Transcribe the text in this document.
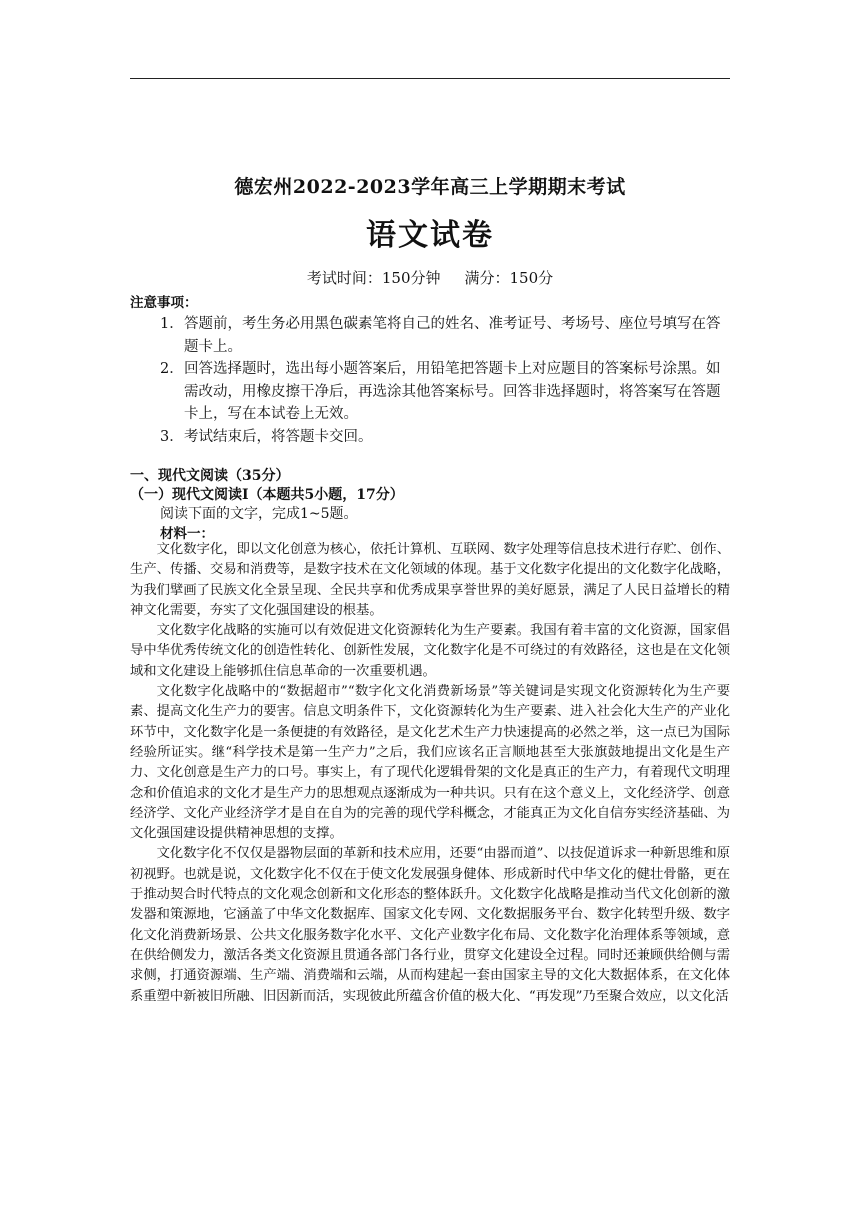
德宏州2022-2023学年高三上学期期末考试
语文试卷
考试时间：150分钟 满分：150分
注意事项：
1． 答题前，考生务必用黑色碳素笔将自己的姓名、准考证号、考场号、座位号填写在答题卡上。
2． 回答选择题时，选出每小题答案后，用铅笔把答题卡上对应题目的答案标号涂黑。如需改动，用橡皮擦干净后，再选涂其他答案标号。回答非选择题时，将答案写在答题卡上，写在本试卷上无效。
3． 考试结束后，将答题卡交回。
一、现代文阅读（35分）
（一）现代文阅读Ⅰ（本题共5小题，17分）
阅读下面的文字，完成1~5题。
材料一：

文化数字化，即以文化创意为核心，依托计算机、互联网、数字处理等信息技术进行存贮、创作、生产、传播、交易和消费等，是数字技术在文化领域的体现。基于文化数字化提出的文化数字化战略，为我们擘画了民族文化全景呈现、全民共享和优秀成果享誉世界的美好愿景，满足了人民日益增长的精神文化需要，夯实了文化强国建设的根基。

文化数字化战略的实施可以有效促进文化资源转化为生产要素。我国有着丰富的文化资源，国家倡导中华优秀传统文化的创造性转化、创新性发展，文化数字化是不可绕过的有效路径，这也是在文化领域和文化建设上能够抓住信息革命的一次重要机遇。

文化数字化战略中的“数据超市”“数字化文化消费新场景”等关键词是实现文化资源转化为生产要素、提高文化生产力的要害。信息文明条件下，文化资源转化为生产要素、进入社会化大生产的产业化环节中，文化数字化是一条便捷的有效路径，是文化艺术生产力快速提高的必然之举，这一点已为国际经验所证实。继“科学技术是第一生产力”之后，我们应该名正言顺地甚至大张旗鼓地提出文化是生产力、文化创意是生产力的口号。事实上，有了现代化逻辑骨架的文化是真正的生产力，有着现代文明理念和价值追求的文化才是生产力的思想观点逐渐成为一种共识。只有在这个意义上，文化经济学、创意经济学、文化产业经济学才是自在自为的完善的现代学科概念，才能真正为文化自信夯实经济基础、为文化强国建设提供精神思想的支撑。

文化数字化不仅仅是器物层面的革新和技术应用，还要“由器而道”、以技促道诉求一种新思维和原初视野。也就是说，文化数字化不仅在于使文化发展强身健体、形成新时代中华文化的健壮骨骼，更在于推动契合时代特点的文化观念创新和文化形态的整体跃升。文化数字化战略是推动当代文化创新的激发器和策源地，它涵盖了中华文化数据库、国家文化专网、文化数据服务平台、数字化转型升级、数字化文化消费新场景、公共文化服务数字化水平、文化产业数字化布局、文化数字化治理体系等领域，意在供给侧发力，激活各类文化资源且贯通各部门各行业，贯穿文化建设全过程。同时还兼顾供给侧与需求侧，打通资源端、生产端、消费端和云端，从而构建起一套由国家主导的文化大数据体系，在文化体系重塑中新被旧所融、旧因新而活，实现彼此所蕴含价值的极大化、“再发现”乃至聚合效应，以文化活
